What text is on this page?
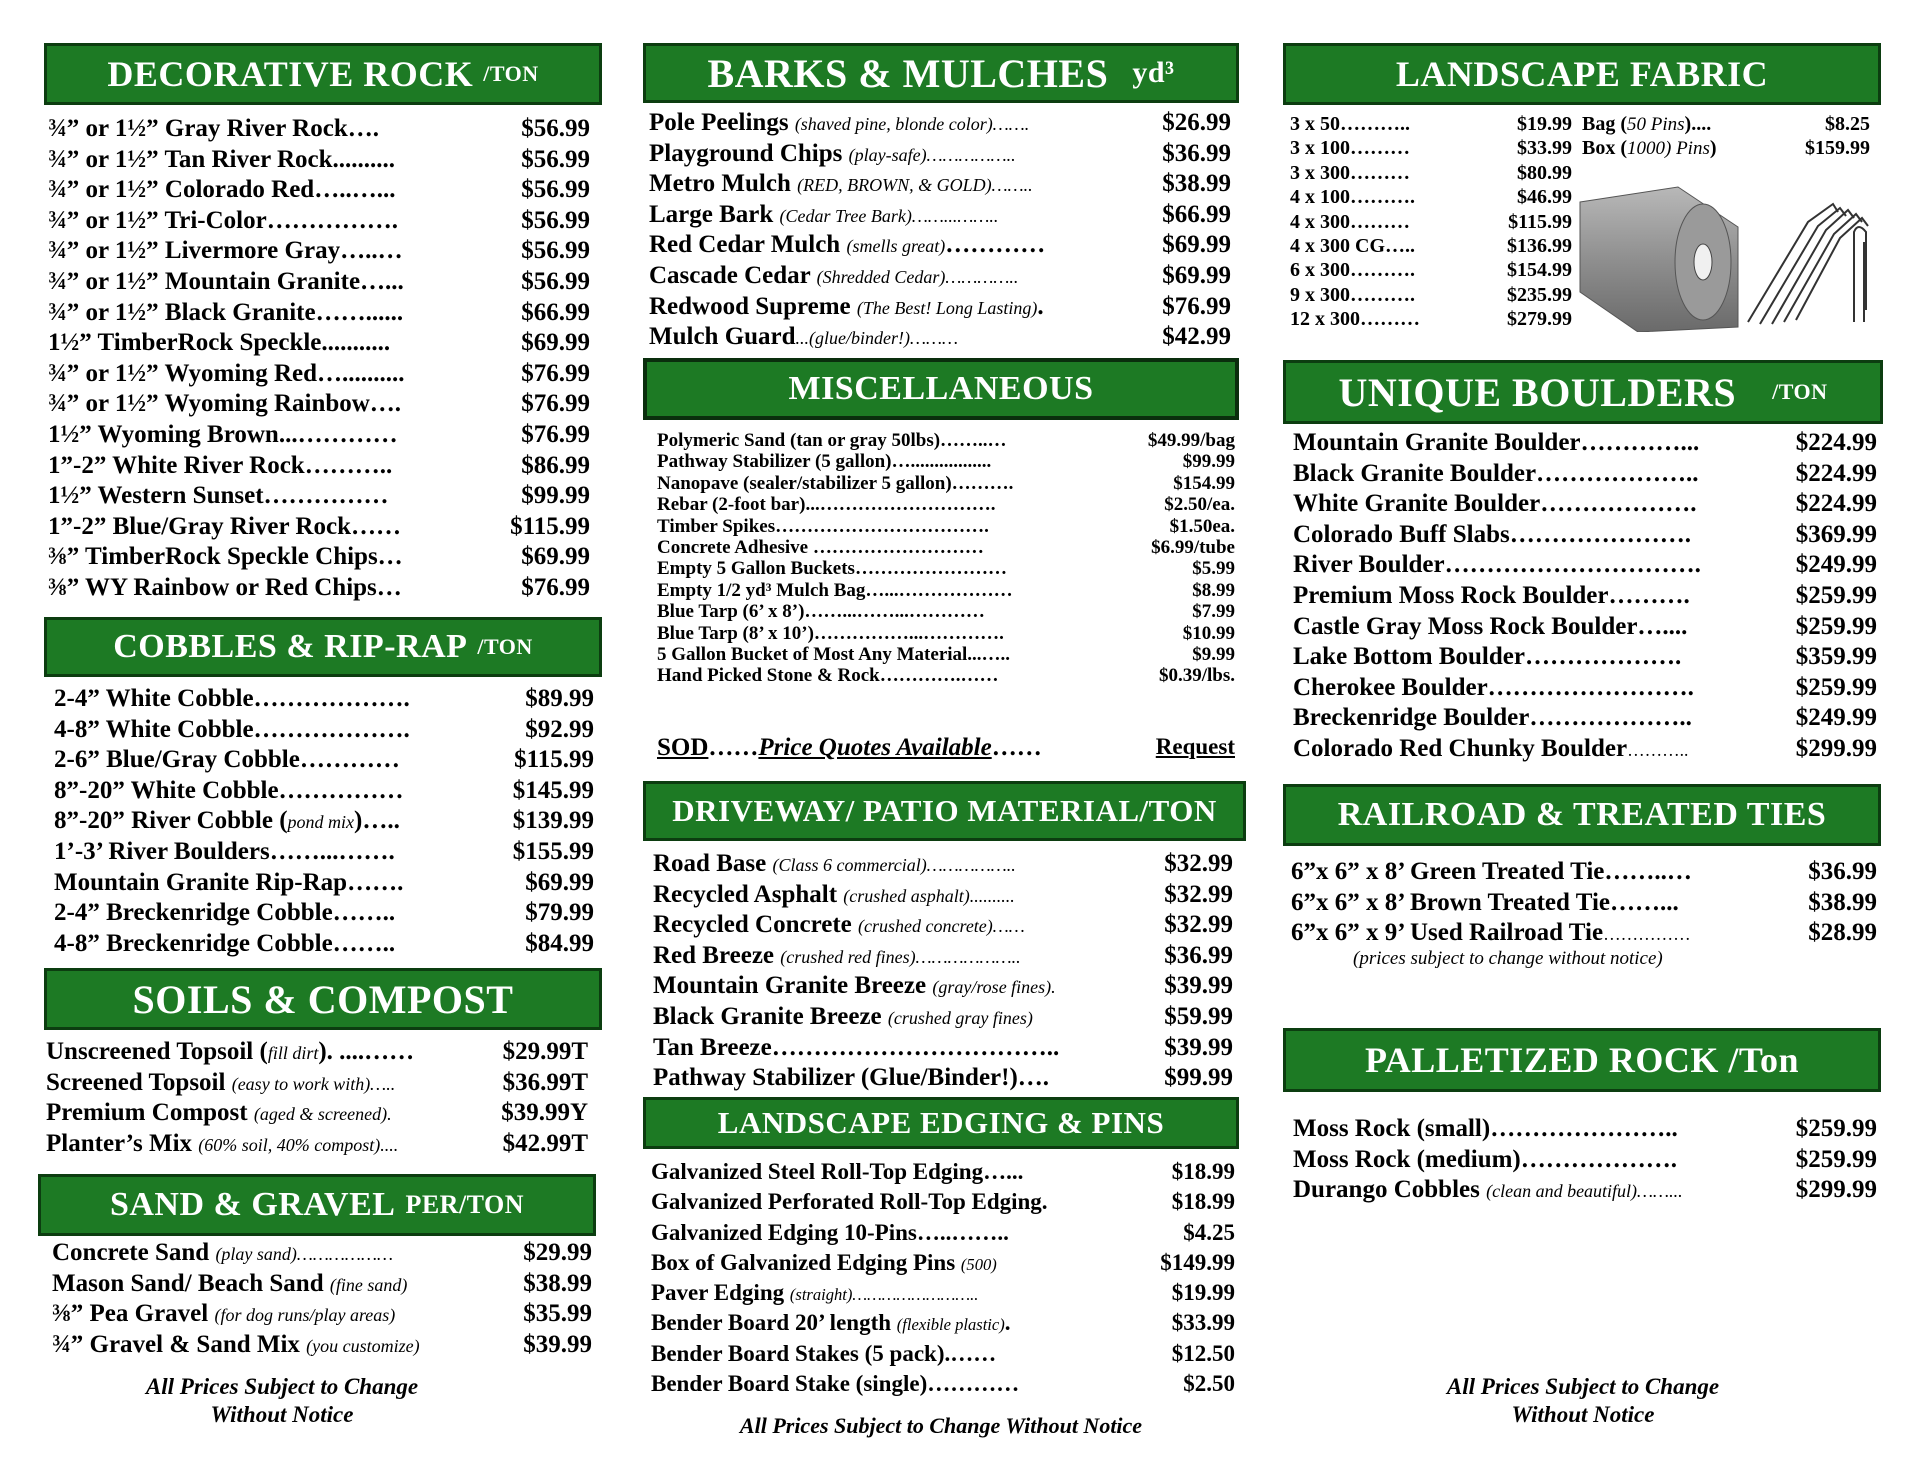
DECORATIVE ROCK /TON
¾” or 1½” Gray River Rock….	$56.99
¾” or 1½” Tan River Rock..........	$56.99
¾” or 1½” Colorado Red…..…...	$56.99
¾” or 1½” Tri-Color…………….	$56.99
¾” or 1½” Livermore Gray…..…	$56.99
¾” or 1½” Mountain Granite…...	$56.99
¾” or 1½” Black Granite……......	$66.99
1½” TimberRock Speckle...........	$69.99
¾” or 1½” Wyoming Red…..........	$76.99
¾” or 1½” Wyoming Rainbow….	$76.99
1½” Wyoming Brown...…………	$76.99
1”-2” White River Rock………..	$86.99
1½” Western Sunset……………	$99.99
1”-2” Blue/Gray River Rock……	$115.99
⅜” TimberRock Speckle Chips…	$69.99
⅜” WY Rainbow or Red Chips…	$76.99
COBBLES & RIP-RAP /TON
2-4” White Cobble……………….	$89.99
4-8” White Cobble……………….	$92.99
2-6” Blue/Gray Cobble…………	$115.99
8”-20” White Cobble……………	$145.99
8”-20” River Cobble (pond mix)…..	$139.99
1’-3’ River Boulders……...…….	$155.99
Mountain Granite Rip-Rap…….	$69.99
2-4” Breckenridge Cobble……..	$79.99
4-8” Breckenridge Cobble……..	$84.99
SOILS & COMPOST
Unscreened Topsoil (fill dirt). ....……	$29.99T
Screened Topsoil (easy to work with)…..	$36.99T
Premium Compost (aged & screened).	$39.99Y
Planter’s Mix (60% soil, 40% compost)....	$42.99T
SAND & GRAVEL PER/TON
Concrete Sand (play sand)………………	$29.99
Mason Sand/ Beach Sand (fine sand)	$38.99
⅜” Pea Gravel (for dog runs/play areas)	$35.99
¾” Gravel & Sand Mix (you customize)	$39.99
All Prices Subject to Change
Without Notice
BARKS & MULCHES yd³
Pole Peelings (shaved pine, blonde color)…….	$26.99
Playground Chips (play-safe)……………..	$36.99
Metro Mulch (RED, BROWN, & GOLD)……..	$38.99
Large Bark (Cedar Tree Bark)……...……..	$66.99
Red Cedar Mulch (smells great)…………	$69.99
Cascade Cedar (Shredded Cedar)…………..	$69.99
Redwood Supreme (The Best! Long Lasting).	$76.99
Mulch Guard...(glue/binder!)………	$42.99
MISCELLANEOUS
Polymeric Sand (tan or gray 50lbs)……..…	$49.99/bag
Pathway Stabilizer (5 gallon)….................	$99.99
Nanopave (sealer/stabilizer 5 gallon)……….	$154.99
Rebar (2-foot bar)...……………………….	$2.50/ea.
Timber Spikes…………………………….	$1.50ea.
Concrete Adhesive ………………………	$6.99/tube
Empty 5 Gallon Buckets……………………	$5.99
Empty 1/2 yd³ Mulch Bag…...………………	$8.99
Blue Tarp (6’ x 8’)……...……...…………	$7.99
Blue Tarp (8’ x 10’)……………...………….	$10.99
5 Gallon Bucket of Most Any Material...…..	$9.99
Hand Picked Stone & Rock………….……	$0.39/lbs.
SOD……Price Quotes Available……	Request
DRIVEWAY/ PATIO MATERIAL/TON
Road Base (Class 6 commercial)……………..	$32.99
Recycled Asphalt (crushed asphalt)..........	$32.99
Recycled Concrete (crushed concrete)……	$32.99
Red Breeze (crushed red fines)………………..	$36.99
Mountain Granite Breeze (gray/rose fines).	$39.99
Black Granite Breeze (crushed gray fines)	$59.99
Tan Breeze……………………………..	$39.99
Pathway Stabilizer (Glue/Binder!)….	$99.99
LANDSCAPE EDGING & PINS
Galvanized Steel Roll-Top Edging…...	$18.99
Galvanized Perforated Roll-Top Edging.	$18.99
Galvanized Edging 10-Pins…..……..	$4.25
Box of Galvanized Edging Pins (500)	$149.99
Paver Edging (straight)……………………..	$19.99
Bender Board 20’ length (flexible plastic).	$33.99
Bender Board Stakes (5 pack).……	$12.50
Bender Board Stake (single)…………	$2.50
All Prices Subject to Change Without Notice
LANDSCAPE FABRIC
3 x 50………..	$19.99
3 x 100………	$33.99
3 x 300………	$80.99
4 x 100……….	$46.99
4 x 300………	$115.99
4 x 300 CG…..	$136.99
6 x 300……….	$154.99
9 x 300……….	$235.99
12 x 300………	$279.99
Bag (50 Pins)....	$8.25
Box (1000) Pins)	$159.99
UNIQUE BOULDERS /TON
Mountain Granite Boulder…………...	$224.99
Black Granite Boulder………………..	$224.99
White Granite Boulder……………….	$224.99
Colorado Buff Slabs………………….	$369.99
River Boulder………………………….	$249.99
Premium Moss Rock Boulder……….	$259.99
Castle Gray Moss Rock Boulder…....	$259.99
Lake Bottom Boulder……………….	$359.99
Cherokee Boulder…………………….	$259.99
Breckenridge Boulder………………..	$249.99
Colorado Red Chunky Boulder………..	$299.99
RAILROAD & TREATED TIES
6”x 6” x 8’ Green Treated Tie……..…	$36.99
6”x 6” x 8’ Brown Treated Tie……...	$38.99
6”x 6” x 9’ Used Railroad Tie……………	$28.99
(prices subject to change without notice)
PALLETIZED ROCK /Ton
Moss Rock (small)…………………..	$259.99
Moss Rock (medium)……………….	$259.99
Durango Cobbles (clean and beautiful)……...	$299.99
All Prices Subject to Change
Without Notice
